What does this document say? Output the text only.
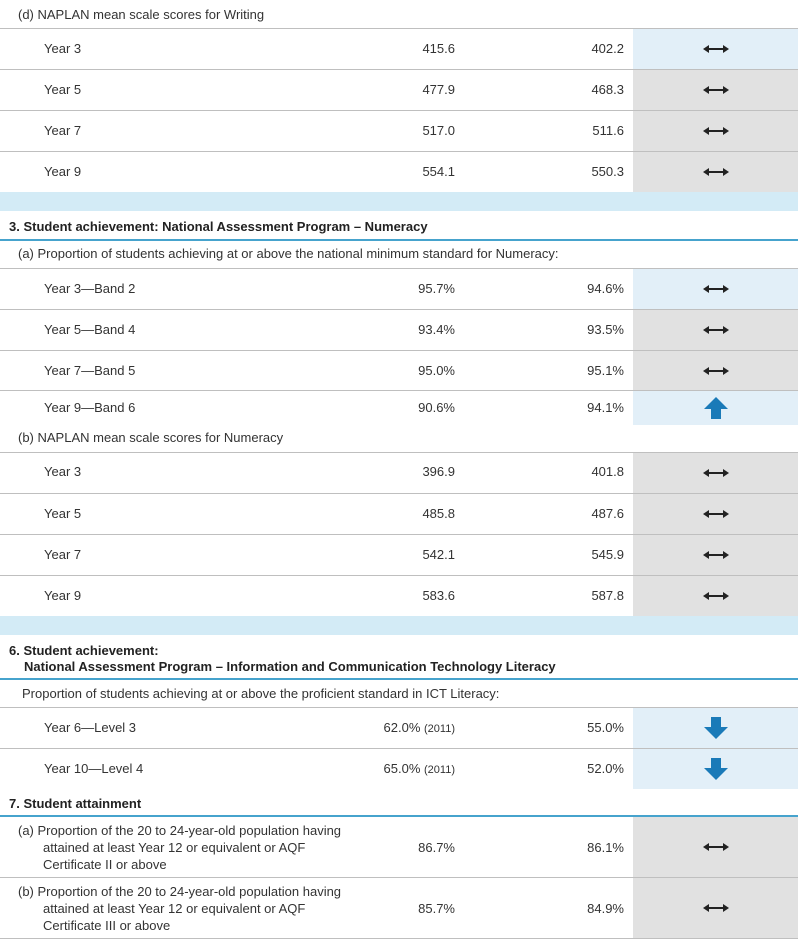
(d) NAPLAN mean scale scores for Writing
Year 3	415.6	402.2
Year 5	477.9	468.3
Year 7	517.0	511.6
Year 9	554.1	550.3
3. Student achievement: National Assessment Program – Numeracy
(a) Proportion of students achieving at or above the national minimum standard for Numeracy:
Year 3—Band 2	95.7%	94.6%
Year 5—Band 4	93.4%	93.5%
Year 7—Band 5	95.0%	95.1%
Year 9—Band 6	90.6%	94.1%
(b) NAPLAN mean scale scores for Numeracy
Year 3	396.9	401.8
Year 5	485.8	487.6
Year 7	542.1	545.9
Year 9	583.6	587.8
6. Student achievement:
National Assessment Program – Information and Communication Technology Literacy
Proportion of students achieving at or above the proficient standard in ICT Literacy:
Year 6—Level 3	62.0% (2011)	55.0%
Year 10—Level 4	65.0% (2011)	52.0%
7. Student attainment
(a) Proportion of the 20 to 24-year-old population having
attained at least Year 12 or equivalent or AQF
Certificate II or above
86.7%	86.1%
(b) Proportion of the 20 to 24-year-old population having
attained at least Year 12 or equivalent or AQF
Certificate III or above
85.7%	84.9%
